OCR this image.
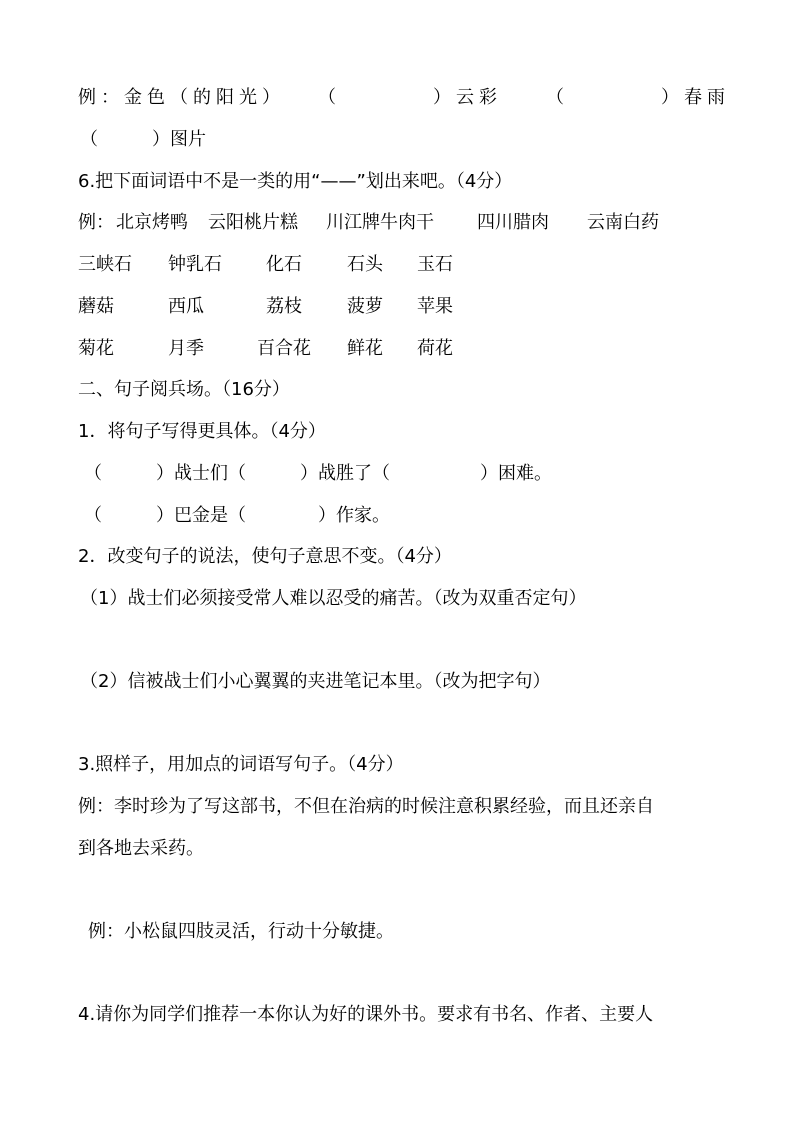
例：金色（的阳光） （　　　　）云彩 （　　　　）春雨
（　　　）图片
6.把下面词语中不是一类的用“——”划出来吧。（4分）
例： 北京烤鸭 云阳桃片糕 川江牌牛肉干 四川腊肉 云南白药
三峡石 钟乳石 化石	石头 玉石
蘑菇	西瓜	荔枝	菠萝 苹果
菊花	月季	百合花 鲜花 荷花
二、句子阅兵场。（16分）
1．将句子写得更具体。（4分）
（　　　）战士们（　　　）战胜了（　　　　　）困难。
（　　　）巴金是（　　　　）作家。
2．改变句子的说法，使句子意思不变。（4分）
（1）战士们必须接受常人难以忍受的痛苦。（改为双重否定句）
（2）信被战士们小心翼翼的夹进笔记本里。（改为把字句）
3.照样子，用加点的词语写句子。（4分）
例：李时珍为了写这部书，不但在治病的时候注意积累经验，而且还亲自
到各地去采药。
例：小松鼠四肢灵活，行动十分敏捷。
4.请你为同学们推荐一本你认为好的课外书。要求有书名、作者、主要人
